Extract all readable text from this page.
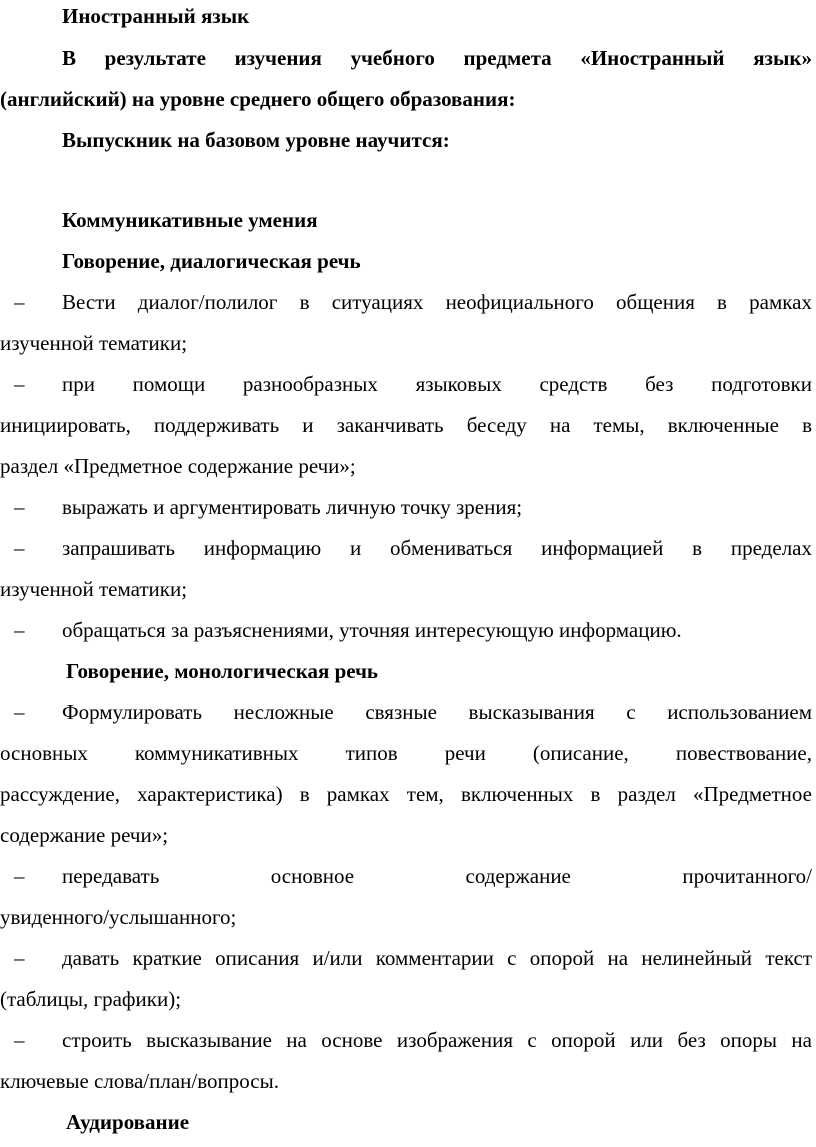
Иностранный язык
В результате изучения учебного предмета «Иностранный язык»
(английский) на уровне среднего общего образования:
Выпускник на базовом уровне научится:
Коммуникативные умения
Говорение, диалогическая речь
– Вести диалог/полилог в ситуациях неофициального общения в рамках
изученной тематики;
– при помощи разнообразных языковых средств без подготовки
инициировать, поддерживать и заканчивать беседу на темы, включенные в
раздел «Предметное содержание речи»;
– выражать и аргументировать личную точку зрения;
– запрашивать информацию и обмениваться информацией в пределах
изученной тематики;
– обращаться за разъяснениями, уточняя интересующую информацию.
Говорение, монологическая речь
– Формулировать несложные связные высказывания с использованием
основных коммуникативных типов речи (описание, повествование,
рассуждение, характеристика) в рамках тем, включенных в раздел «Предметное
содержание речи»;
– передавать основное содержание прочитанного/
увиденного/услышанного;
– давать краткие описания и/или комментарии с опорой на нелинейный текст
(таблицы, графики);
– строить высказывание на основе изображения с опорой или без опоры на
ключевые слова/план/вопросы.
Аудирование
